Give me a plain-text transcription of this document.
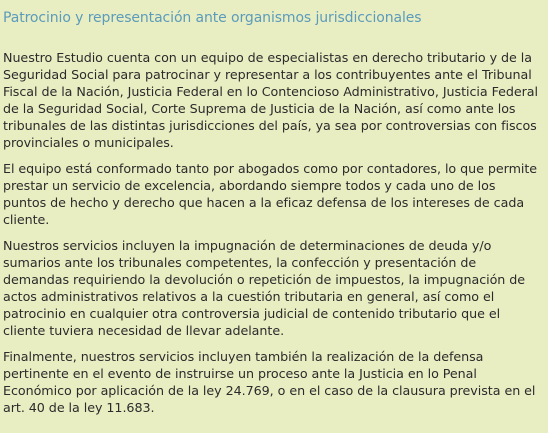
Patrocinio y representación ante organismos jurisdiccionales

Nuestro Estudio cuenta con un equipo de especialistas en derecho tributario y de la Seguridad Social para patrocinar y representar a los contribuyentes ante el Tribunal Fiscal de la Nación, Justicia Federal en lo Contencioso Administrativo, Justicia Federal de la Seguridad Social, Corte Suprema de Justicia de la Nación, así como ante los tribunales de las distintas jurisdicciones del país, ya sea por controversias con fiscos provinciales o municipales.

El equipo está conformado tanto por abogados como por contadores, lo que permite prestar un servicio de excelencia, abordando siempre todos y cada uno de los puntos de hecho y derecho que hacen a la eficaz defensa de los intereses de cada cliente.

Nuestros servicios incluyen la impugnación de determinaciones de deuda y/o sumarios ante los tribunales competentes, la confección y presentación de demandas requiriendo la devolución o repetición de impuestos, la impugnación de actos administrativos relativos a la cuestión tributaria en general, así como el patrocinio en cualquier otra controversia judicial de contenido tributario que el cliente tuviera necesidad de llevar adelante.

Finalmente, nuestros servicios incluyen también la realización de la defensa pertinente en el evento de instruirse un proceso ante la Justicia en lo Penal Económico por aplicación de la ley 24.769, o en el caso de la clausura prevista en el art. 40 de la ley 11.683.
